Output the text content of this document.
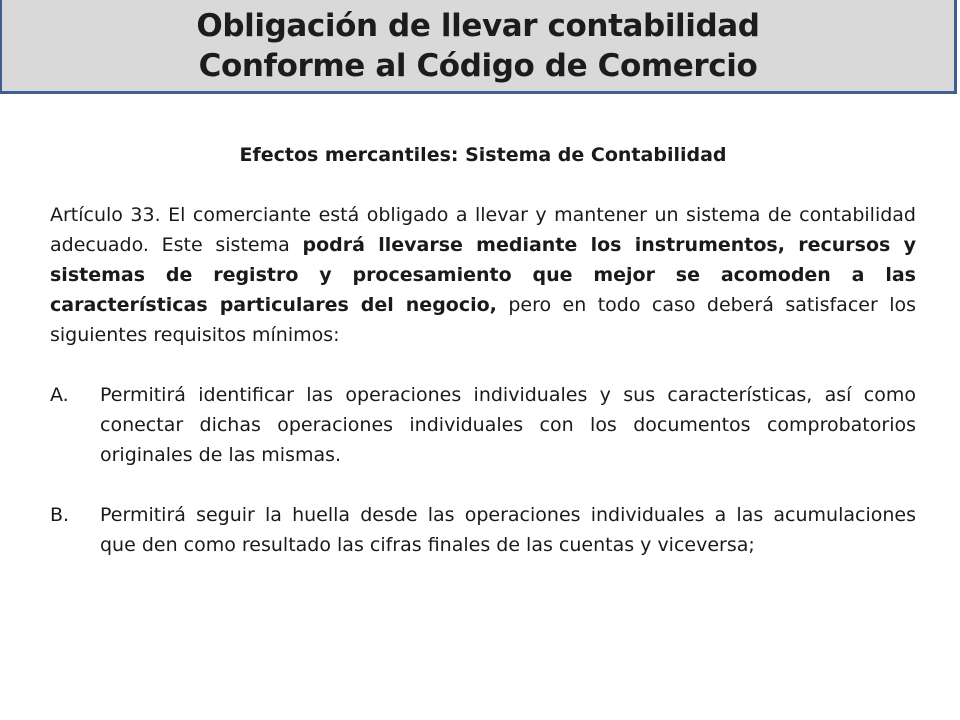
Obligación de llevar contabilidad
Conforme al Código de Comercio
Efectos mercantiles: Sistema de Contabilidad
Artículo 33. El comerciante está obligado a llevar y mantener un sistema de contabilidad adecuado. Este sistema podrá llevarse mediante los instrumentos, recursos y sistemas de registro y procesamiento que mejor se acomoden a las características particulares del negocio, pero en todo caso deberá satisfacer los siguientes requisitos mínimos:
A.	Permitirá identificar las operaciones individuales y sus características, así como conectar dichas operaciones individuales con los documentos comprobatorios originales de las mismas.
B.	Permitirá seguir la huella desde las operaciones individuales a las acumulaciones que den como resultado las cifras finales de las cuentas y viceversa;
